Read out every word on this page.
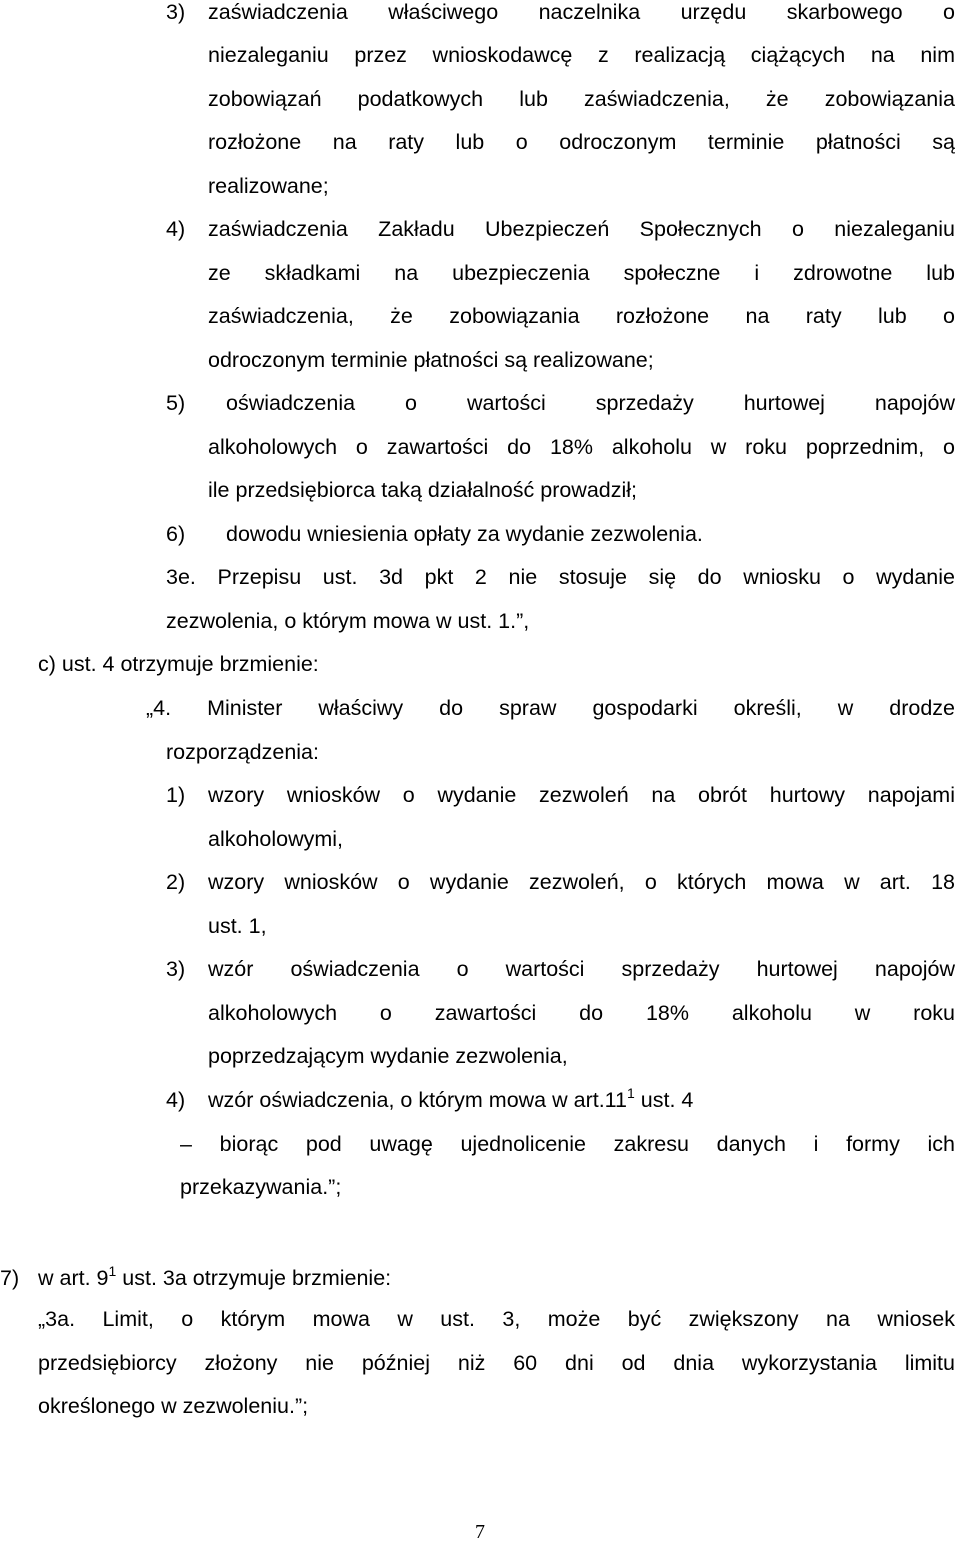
3) zaświadczenia właściwego naczelnika urzędu skarbowego o

niezaleganiu przez wnioskodawcę z realizacją ciążących na nim

zobowiązań podatkowych lub zaświadczenia, że zobowiązania

rozłożone na raty lub o odroczonym terminie płatności są

realizowane;

4) zaświadczenia Zakładu Ubezpieczeń Społecznych o niezaleganiu

ze składkami na ubezpieczenia społeczne i zdrowotne lub

zaświadczenia, że zobowiązania rozłożone na raty lub o

odroczonym terminie płatności są realizowane;

5) oświadczenia o wartości sprzedaży hurtowej napojów

alkoholowych o zawartości do 18% alkoholu w roku poprzednim, o

ile przedsiębiorca taką działalność prowadził;

6) dowodu wniesienia opłaty za wydanie zezwolenia.

3e. Przepisu ust. 3d pkt 2 nie stosuje się do wniosku o wydanie

zezwolenia, o którym mowa w ust. 1.”,

c) ust. 4 otrzymuje brzmienie:

„4. Minister właściwy do spraw gospodarki określi, w drodze

rozporządzenia:

1) wzory wniosków o wydanie zezwoleń na obrót hurtowy napojami

alkoholowymi,

2) wzory wniosków o wydanie zezwoleń, o których mowa w art. 18

ust. 1,

3) wzór oświadczenia o wartości sprzedaży hurtowej napojów

alkoholowych o zawartości do 18% alkoholu w roku

poprzedzającym wydanie zezwolenia,

4) wzór oświadczenia, o którym mowa w $art.11^1$ ust. 4

– biorąc pod uwagę ujednolicenie zakresu danych i formy ich

przekazywania.”;

7) w art. $9^1$ ust. 3a otrzymuje brzmienie:

„3a. Limit, o którym mowa w ust. 3, może być zwiększony na wniosek

przedsiębiorcy złożony nie później niż 60 dni od dnia wykorzystania limitu

określonego w zezwoleniu.”;

7
